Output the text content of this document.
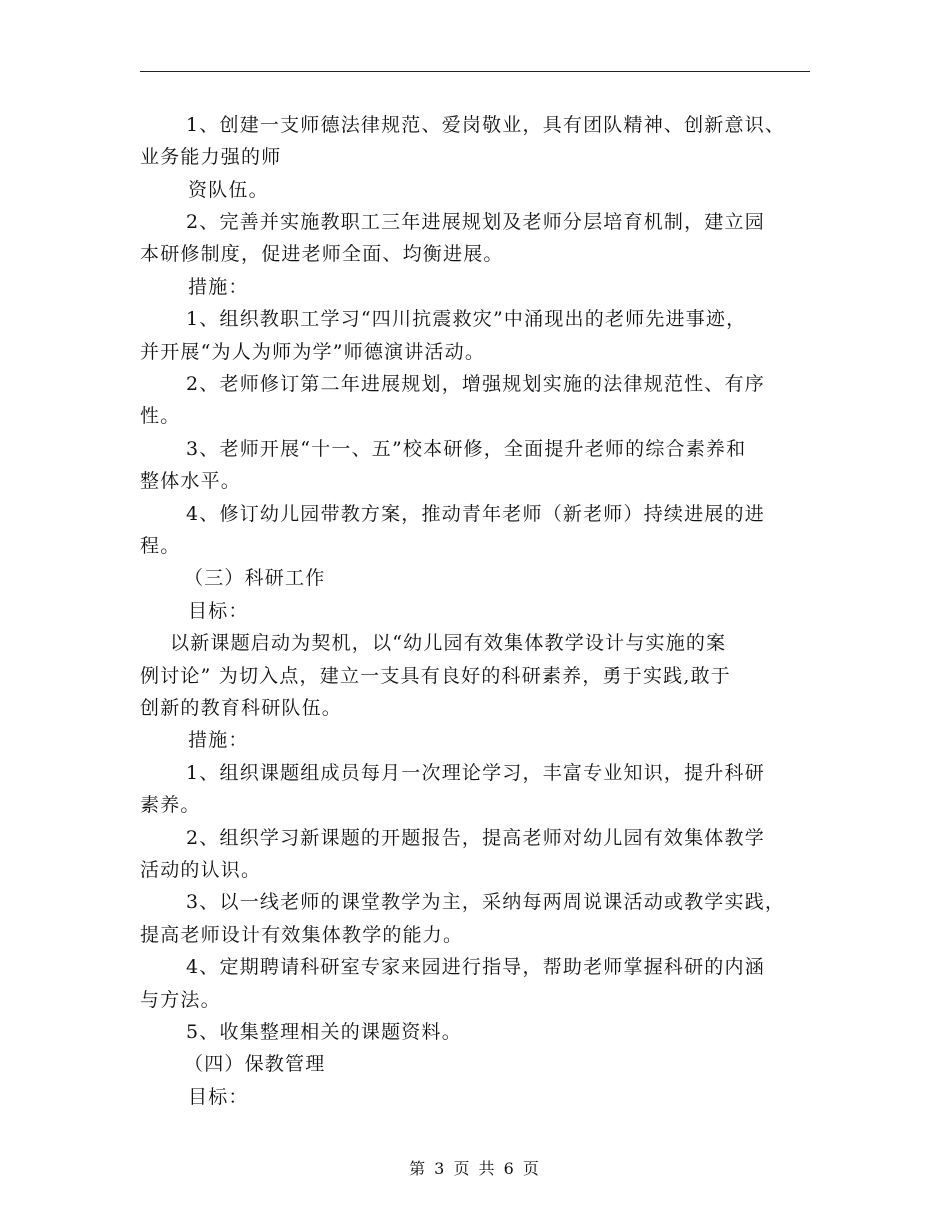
1、创建一支师德法律规范、爱岗敬业，具有团队精神、创新意识、
业务能力强的师
资队伍。
2、完善并实施教职工三年进展规划及老师分层培育机制，建立园
本研修制度，促进老师全面、均衡进展。
措施：
1、组织教职工学习“四川抗震救灾”中涌现出的老师先进事迹，
并开展“为人为师为学”师德演讲活动。
2、老师修订第二年进展规划，增强规划实施的法律规范性、有序
性。
3、老师开展“十一、五”校本研修，全面提升老师的综合素养和
整体水平。
4、修订幼儿园带教方案，推动青年老师（新老师）持续进展的进
程。
（三）科研工作
目标：
以新课题启动为契机，以“幼儿园有效集体教学设计与实施的案
例讨论” 为切入点，建立一支具有良好的科研素养，勇于实践,敢于
创新的教育科研队伍。
措施：
1、组织课题组成员每月一次理论学习，丰富专业知识，提升科研
素养。
2、组织学习新课题的开题报告，提高老师对幼儿园有效集体教学
活动的认识。
3、以一线老师的课堂教学为主，采纳每两周说课活动或教学实践，
提高老师设计有效集体教学的能力。
4、定期聘请科研室专家来园进行指导，帮助老师掌握科研的内涵
与方法。
5、收集整理相关的课题资料。
（四）保教管理
目标：
第 3 页 共 6 页
